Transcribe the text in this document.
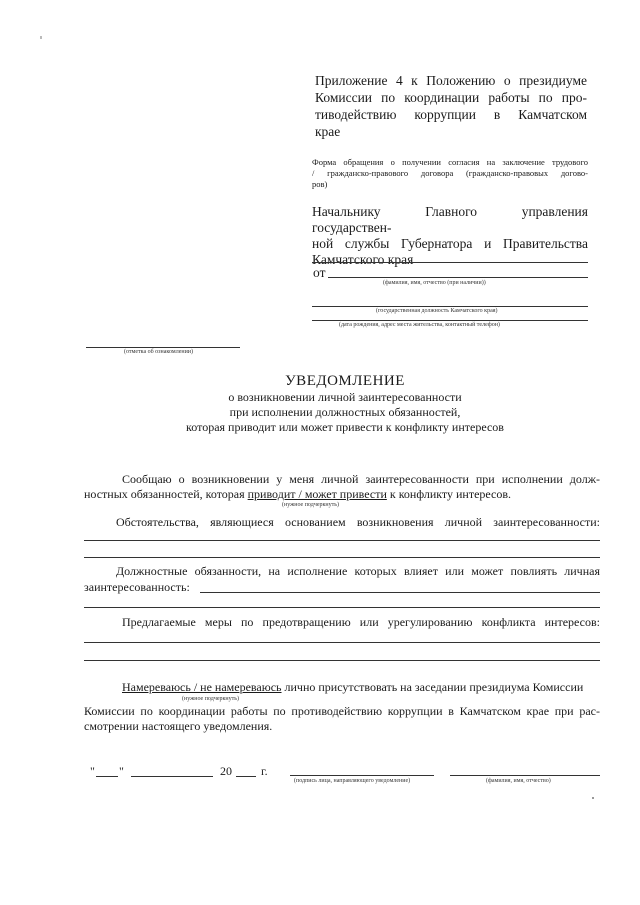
Приложение 4 к Положению о президиуме
Комиссии по координации работы по про-
тиводействию коррупции в Камчатском
крае
Форма обращения о получении согласия на заключение трудового
/ гражданско-правового договора (гражданско-правовых догово-
ров)
Начальнику Главного управления государствен-
ной службы Губернатора и Правительства
Камчатского края
от
(фамилия, имя, отчество (при наличии))
(государственная должность Камчатского края)
(дата рождения, адрес места жительства, контактный телефон)
(отметка об ознакомлении)
УВЕДОМЛЕНИЕ
о возникновении личной заинтересованности
при исполнении должностных обязанностей,
которая приводит или может привести к конфликту интересов
Сообщаю о возникновении у меня личной заинтересованности при исполнении долж-
ностных обязанностей, которая приводит / может привести к конфликту интересов.
(нужное подчеркнуть)
Обстоятельства, являющиеся основанием возникновения личной заинтересованности:
Должностные обязанности, на исполнение которых влияет или может повлиять личная
заинтересованность:
Предлагаемые меры по предотвращению или урегулированию конфликта интересов:
Намереваюсь / не намереваюсь лично присутствовать на заседании президиума Комиссии
(нужное подчеркнуть)
Комиссии по координации работы по противодействию коррупции в Камчатском крае при рас-
смотрении настоящего уведомления.
" "	20 г.
(подпись лица, направляющего уведомление)	(фамилия, имя, отчество)
